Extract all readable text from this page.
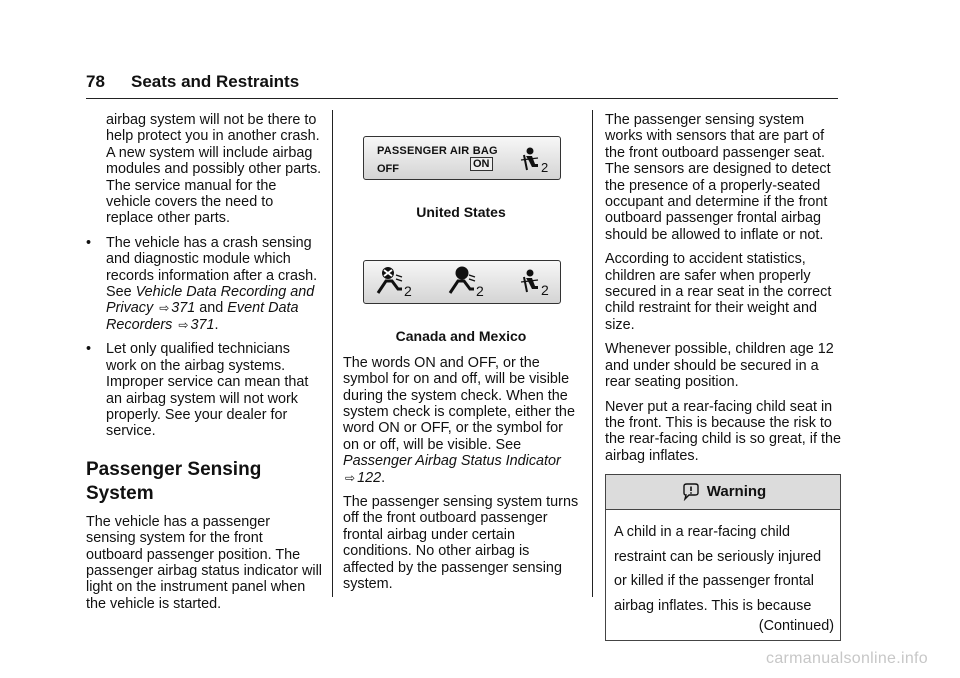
78 Seats and Restraints

airbag system will not be there to help protect you in another crash. A new system will include airbag modules and possibly other parts. The service manual for the vehicle covers the need to replace other parts.

• The vehicle has a crash sensing and diagnostic module which records information after a crash. See Vehicle Data Recording and Privacy ⇨ 371 and Event Data Recorders ⇨ 371.
• Let only qualified technicians work on the airbag systems. Improper service can mean that an airbag system will not work properly. See your dealer for service.
Passenger Sensing System

The vehicle has a passenger sensing system for the front outboard passenger position. The passenger airbag status indicator will light on the instrument panel when the vehicle is started.

PASSENGER AIR BAG
OFF	ON	2
United States
2	2	2
Canada and Mexico

The words ON and OFF, or the symbol for on and off, will be visible during the system check. When the system check is complete, either the word ON or OFF, or the symbol for on or off, will be visible. See Passenger Airbag Status Indicator ⇨ 122.

The passenger sensing system turns off the front outboard passenger frontal airbag under certain conditions. No other airbag is affected by the passenger sensing system.

The passenger sensing system works with sensors that are part of the front outboard passenger seat. The sensors are designed to detect the presence of a properly-seated occupant and determine if the front outboard passenger frontal airbag should be allowed to inflate or not.

According to accident statistics, children are safer when properly secured in a rear seat in the correct child restraint for their weight and size.

Whenever possible, children age 12 and under should be secured in a rear seating position.

Never put a rear-facing child seat in the front. This is because the risk to the rear-facing child is so great, if the airbag inflates.

Warning
A child in a rear-facing child restraint can be seriously injured or killed if the passenger frontal airbag inflates. This is because
(Continued)
carmanualsonline.info
